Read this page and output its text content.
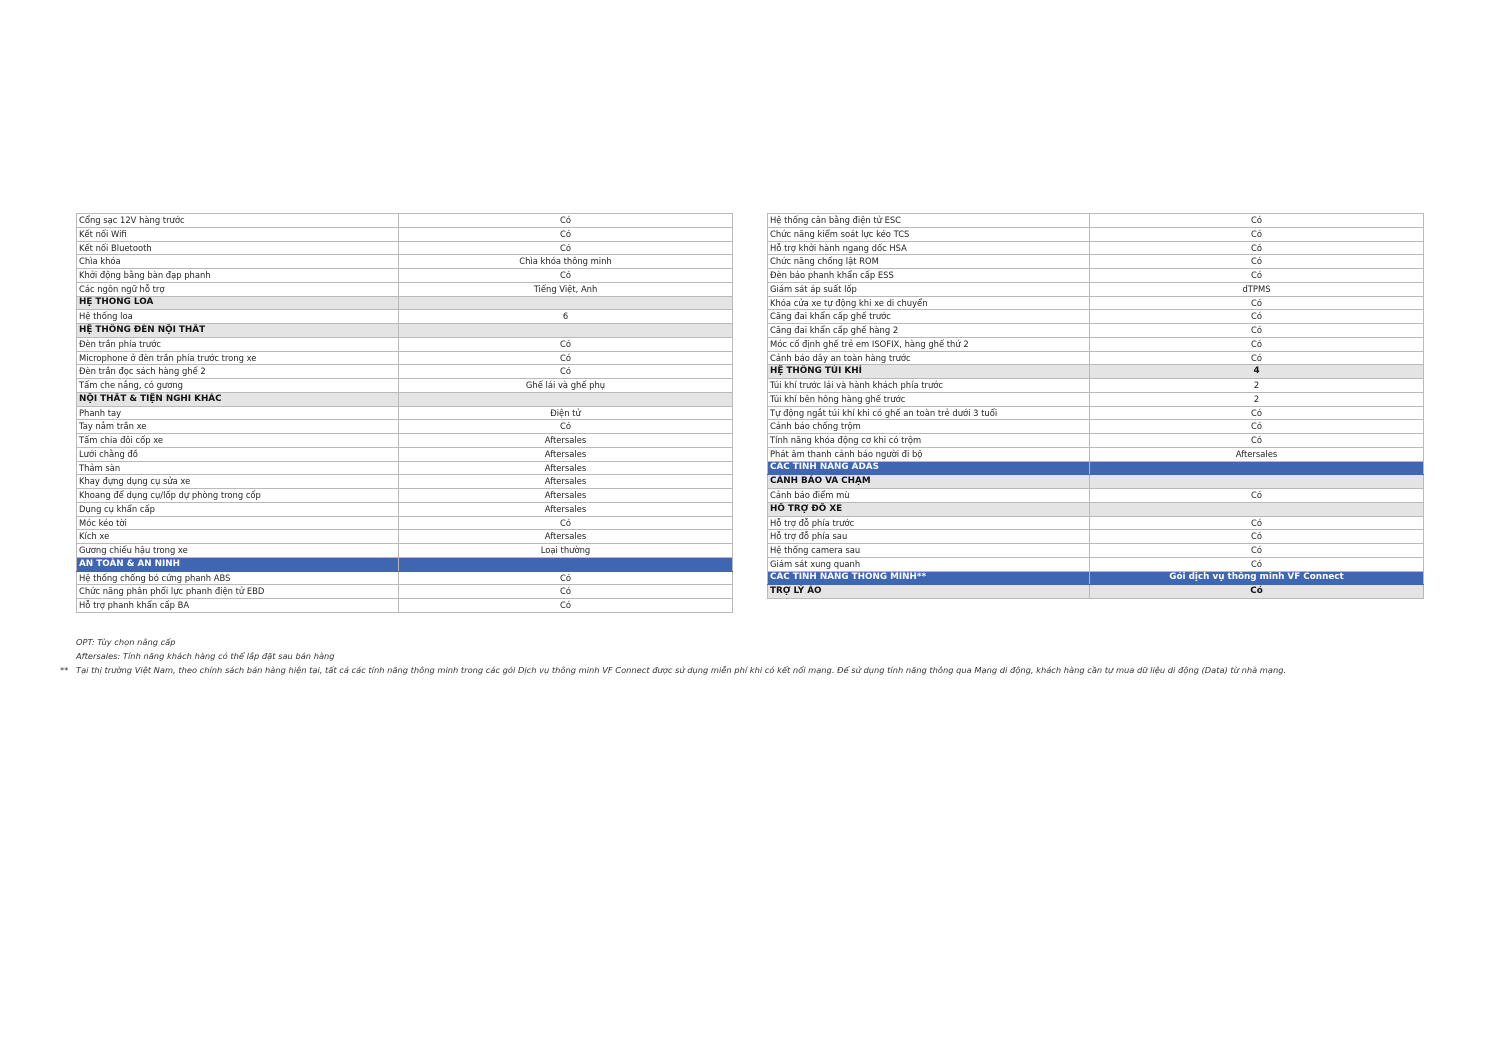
Cổng sạc 12V hàng trước	Có
Kết nối Wifi	Có
Kết nối Bluetooth	Có
Chìa khóa	Chìa khóa thông minh
Khởi động bằng bàn đạp phanh	Có
Các ngôn ngữ hỗ trợ	Tiếng Việt, Anh
HỆ THỐNG LOA	
Hệ thống loa	6
HỆ THỐNG ĐÈN NỘI THẤT	
Đèn trần phía trước	Có
Microphone ở đèn trần phía trước trong xe	Có
Đèn trần đọc sách hàng ghế 2	Có
Tấm che nắng, có gương	Ghế lái và ghế phụ
NỘI THẤT & TIỆN NGHI KHÁC	
Phanh tay	Điện tử
Tay nắm trần xe	Có
Tấm chia đôi cốp xe	Aftersales
Lưới chằng đồ	Aftersales
Thảm sàn	Aftersales
Khay đựng dụng cụ sửa xe	Aftersales
Khoang để dụng cụ/lốp dự phòng trong cốp	Aftersales
Dụng cụ khẩn cấp	Aftersales
Móc kéo tời	Có
Kích xe	Aftersales
Gương chiếu hậu trong xe	Loại thường
AN TOÀN & AN NINH	
Hệ thống chống bó cứng phanh ABS	Có
Chức năng phân phối lực phanh điện tử EBD	Có
Hỗ trợ phanh khẩn cấp BA	Có
Hệ thống cân bằng điện tử ESC	Có
Chức năng kiểm soát lực kéo TCS	Có
Hỗ trợ khởi hành ngang dốc HSA	Có
Chức năng chống lật ROM	Có
Đèn báo phanh khẩn cấp ESS	Có
Giám sát áp suất lốp	dTPMS
Khóa cửa xe tự động khi xe di chuyển	Có
Căng đai khẩn cấp ghế trước	Có
Căng đai khẩn cấp ghế hàng 2	Có
Móc cố định ghế trẻ em ISOFIX, hàng ghế thứ 2	Có
Cảnh báo dây an toàn hàng trước	Có
HỆ THỐNG TÚI KHÍ	4
Túi khí trước lái và hành khách phía trước	2
Túi khí bên hông hàng ghế trước	2
Tự động ngắt túi khí khi có ghế an toàn trẻ dưới 3 tuổi	Có
Cảnh báo chống trộm	Có
Tính năng khóa động cơ khi có trộm	Có
Phát âm thanh cảnh báo người đi bộ	Aftersales
CÁC TÍNH NĂNG ADAS	
CẢNH BÁO VA CHẠM	
Cảnh báo điểm mù	Có
HỖ TRỢ ĐỖ XE	
Hỗ trợ đỗ phía trước	Có
Hỗ trợ đỗ phía sau	Có
Hệ thống camera sau	Có
Giám sát xung quanh	Có
CÁC TÍNH NĂNG THÔNG MINH**	Gói dịch vụ thông minh VF Connect
TRỢ LÝ ẢO	Có
OPT: Tùy chọn nâng cấp
Aftersales: Tính năng khách hàng có thể lắp đặt sau bán hàng
** Tại thị trường Việt Nam, theo chính sách bán hàng hiện tại, tất cả các tính năng thông minh trong các gói Dịch vụ thông minh VF Connect được sử dụng miễn phí khi có kết nối mạng. Để sử dụng tính năng thông qua Mạng di động, khách hàng cần tự mua dữ liệu di động (Data) từ nhà mạng.
